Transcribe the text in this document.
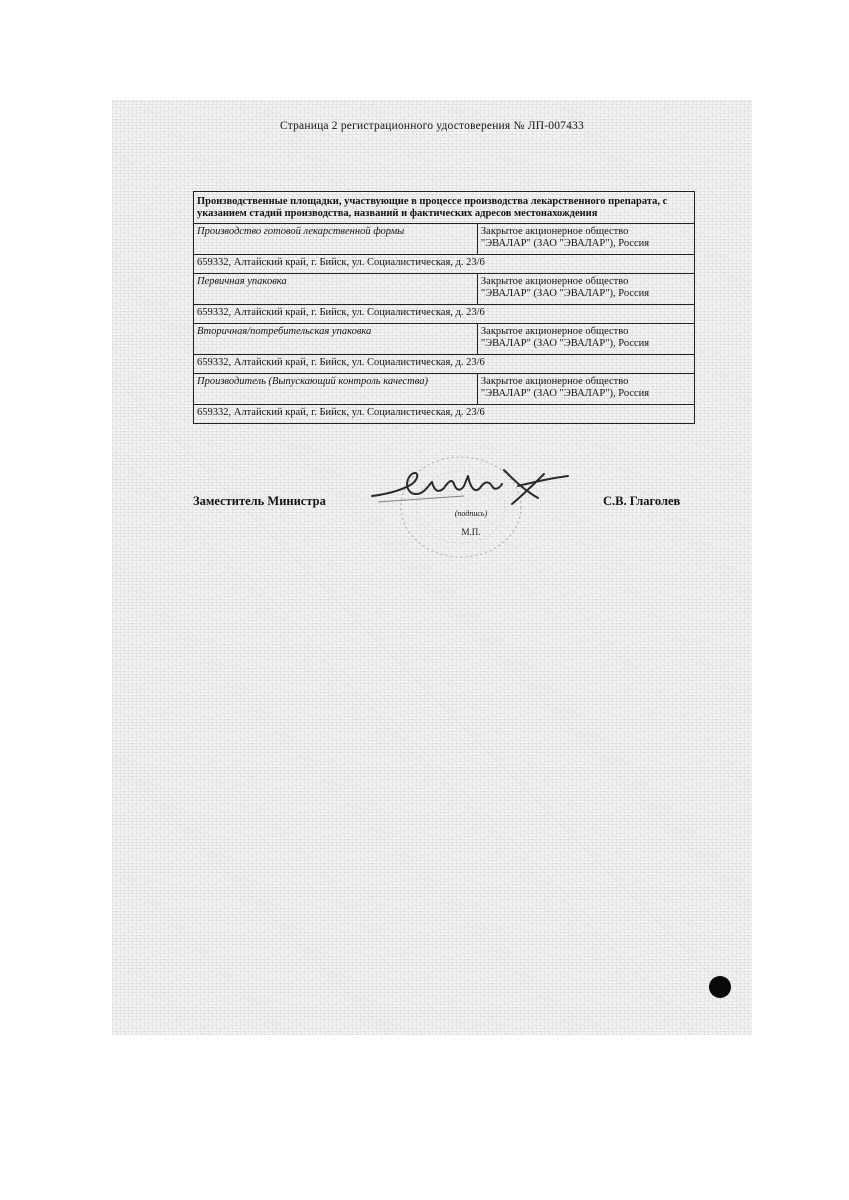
Страница 2 регистрационного удостоверения № ЛП-007433
Производственные площадки, участвующие в процессе производства лекарственного препарата, с указанием стадий производства, названий и фактических адресов местонахождения	
Производство готовой лекарственной формы	Закрытое акционерное общество
"ЭВАЛАР" (ЗАО "ЭВАЛАР"), Россия

659332, Алтайский край, г. Бийск, ул. Социалистическая, д. 23/6	
Первичная упаковка	Закрытое акционерное общество
"ЭВАЛАР" (ЗАО "ЭВАЛАР"), Россия

659332, Алтайский край, г. Бийск, ул. Социалистическая, д. 23/6	
Вторичная/потребительская упаковка	Закрытое акционерное общество
"ЭВАЛАР" (ЗАО "ЭВАЛАР"), Россия

659332, Алтайский край, г. Бийск, ул. Социалистическая, д. 23/6	
Производитель (Выпускающий контроль качества)	Закрытое акционерное общество
"ЭВАЛАР" (ЗАО "ЭВАЛАР"), Россия

659332, Алтайский край, г. Бийск, ул. Социалистическая, д. 23/6	
Заместитель Министра
(подпись)
М.П.
С.В. Глаголев
